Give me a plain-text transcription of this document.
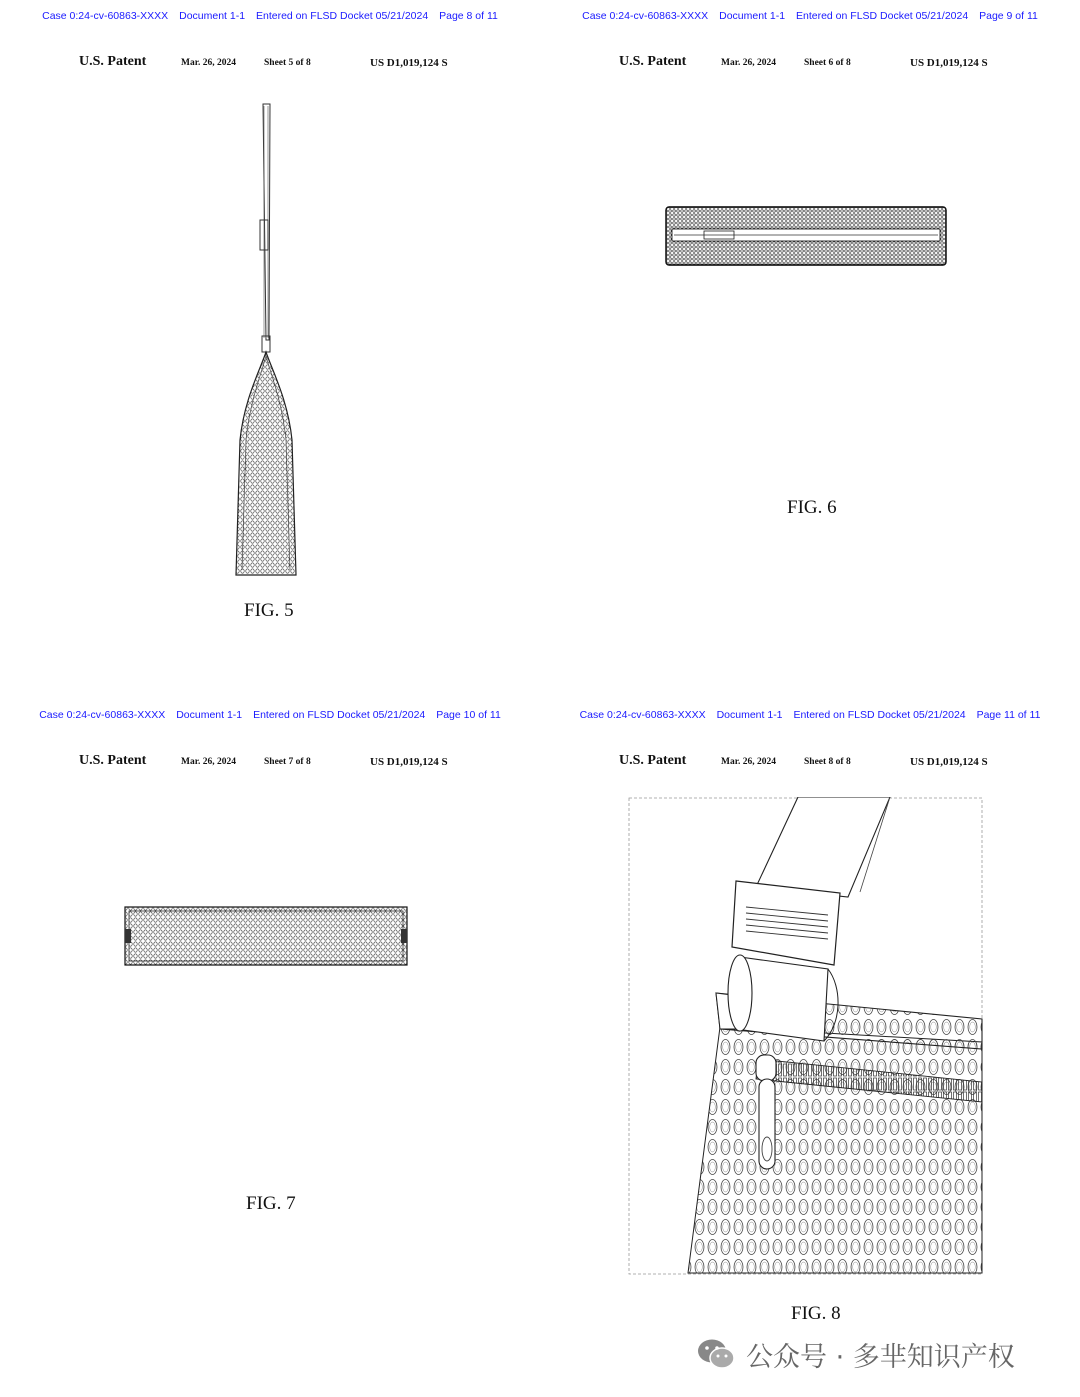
Case 0:24-cv-60863-XXXX Document 1-1 Entered on FLSD Docket 05/21/2024 Page 8 of 11
U.S. Patent	Mar. 26, 2024	Sheet 5 of 8	US D1,019,124 S
FIG. 5
Case 0:24-cv-60863-XXXX Document 1-1 Entered on FLSD Docket 05/21/2024 Page 9 of 11
U.S. Patent	Mar. 26, 2024	Sheet 6 of 8	US D1,019,124 S
FIG. 6
Case 0:24-cv-60863-XXXX Document 1-1 Entered on FLSD Docket 05/21/2024 Page 10 of 11
U.S. Patent	Mar. 26, 2024	Sheet 7 of 8	US D1,019,124 S
FIG. 7
Case 0:24-cv-60863-XXXX Document 1-1 Entered on FLSD Docket 05/21/2024 Page 11 of 11
U.S. Patent	Mar. 26, 2024	Sheet 8 of 8	US D1,019,124 S
FIG. 8
公众号 · 多芈知识产权
